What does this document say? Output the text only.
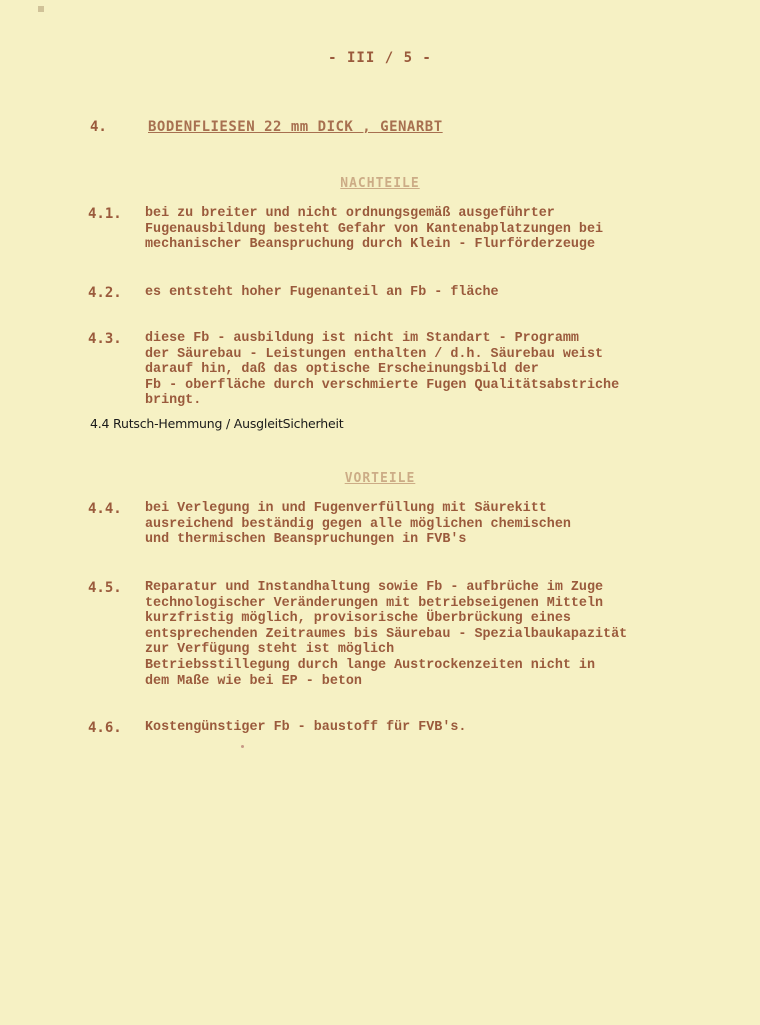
- III / 5 -
4.	BODENFLIESEN 22 mm DICK , GENARBT
NACHTEILE
4.1. bei zu breiter und nicht ordnungsgemäß ausgeführter
Fugenausbildung besteht Gefahr von Kantenabplatzungen bei
mechanischer Beanspruchung durch Klein - Flurförderzeuge
4.2. es entsteht hoher Fugenanteil an Fb - fläche
4.3. diese Fb - ausbildung ist nicht im Standart - Programm
der Säurebau - Leistungen enthalten / d.h. Säurebau weist
darauf hin, daß das optische Erscheinungsbild der
Fb - oberfläche durch verschmierte Fugen Qualitätsabstriche
bringt.
4.4 Rutsch-Hemmung / AusgleitSicherheit
VORTEILE
4.4. bei Verlegung in und Fugenverfüllung mit Säurekitt
ausreichend beständig gegen alle möglichen chemischen
und thermischen Beanspruchungen in FVB's
4.5. Reparatur und Instandhaltung sowie Fb - aufbrüche im Zuge
technologischer Veränderungen mit betriebseigenen Mitteln
kurzfristig möglich, provisorische Überbrückung eines
entsprechenden Zeitraumes bis Säurebau - Spezialbaukapazität
zur Verfügung steht ist möglich
Betriebsstillegung durch lange Austrockenzeiten nicht in
dem Maße wie bei EP - beton
4.6. Kostengünstiger Fb - baustoff für FVB's.
